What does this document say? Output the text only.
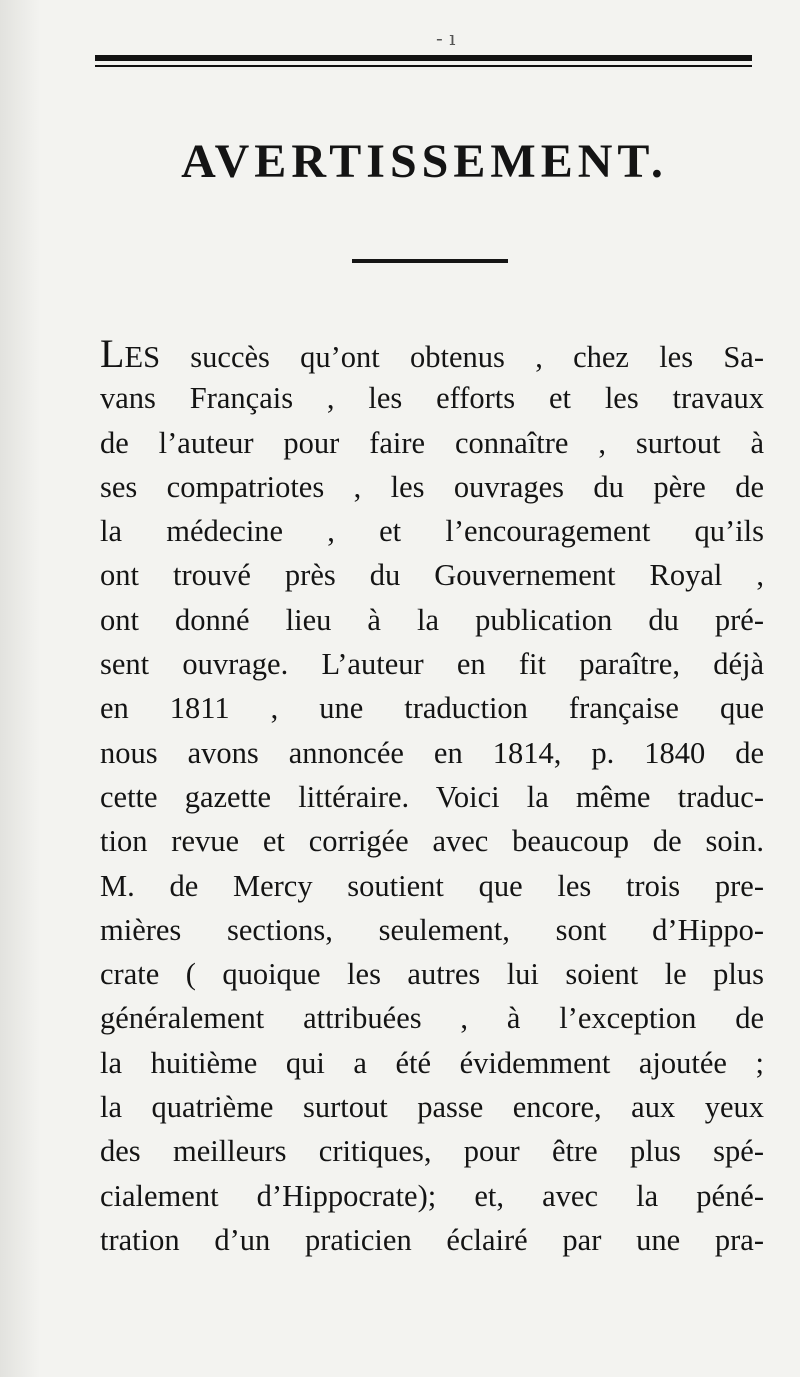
- ı
AVERTISSEMENT.
LES succès qu’ont obtenus , chez les Sa-
vans Français , les efforts et les travaux
de l’auteur pour faire connaître , surtout à
ses compatriotes , les ouvrages du père de
la médecine , et l’encouragement qu’ils
ont trouvé près du Gouvernement Royal ,
ont donné lieu à la publication du pré-
sent ouvrage. L’auteur en fit paraître, déjà
en 1811 , une traduction française que
nous avons annoncée en 1814, p. 1840 de
cette gazette littéraire. Voici la même traduc-
tion revue et corrigée avec beaucoup de soin.
M. de Mercy soutient que les trois pre-
mières sections, seulement, sont d’Hippo-
crate ( quoique les autres lui soient le plus
généralement attribuées , à l’exception de
la huitième qui a été évidemment ajoutée ;
la quatrième surtout passe encore, aux yeux
des meilleurs critiques, pour être plus spé-
cialement d’Hippocrate); et, avec la péné-
tration d’un praticien éclairé par une pra-
